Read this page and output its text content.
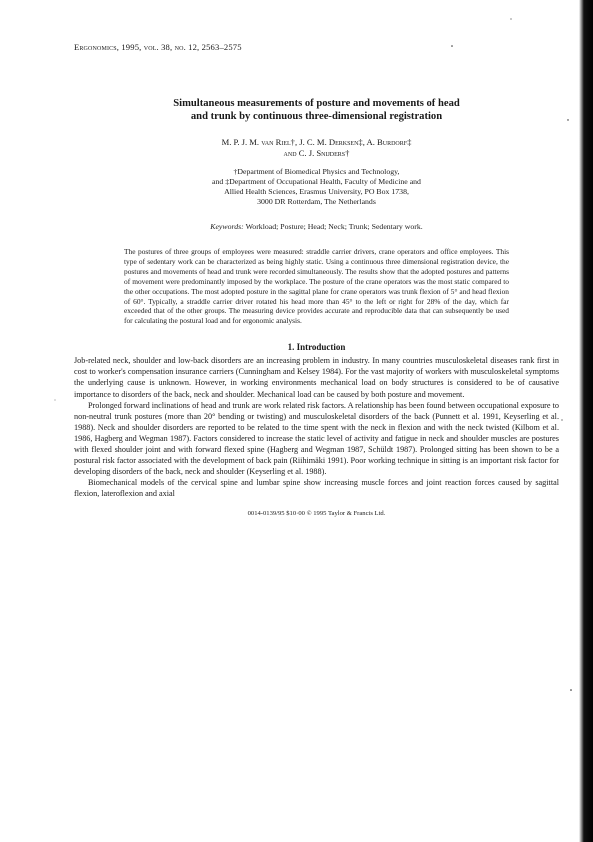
Ergonomics, 1995, vol. 38, no. 12, 2563–2575
Simultaneous measurements of posture and movements of head
and trunk by continuous three-dimensional registration
M. P. J. M. van Riel†, J. C. M. Derksen‡, A. Burdorf‡
and C. J. Snijders†
†Department of Biomedical Physics and Technology,
and ‡Department of Occupational Health, Faculty of Medicine and
Allied Health Sciences, Erasmus University, PO Box 1738,
3000 DR Rotterdam, The Netherlands
Keywords: Workload; Posture; Head; Neck; Trunk; Sedentary work.
The postures of three groups of employees were measured: straddle carrier drivers, crane operators and office employees. This type of sedentary work can be characterized as being highly static. Using a continuous three dimensional registration device, the postures and movements of head and trunk were recorded simultaneously. The results show that the adopted postures and patterns of movement were predominantly imposed by the workplace. The posture of the crane operators was the most static compared to the other occupations. The most adopted posture in the sagittal plane for crane operators was trunk flexion of 5° and head flexion of 60°. Typically, a straddle carrier driver rotated his head more than 45° to the left or right for 28% of the day, which far exceeded that of the other groups. The measuring device provides accurate and reproducible data that can subsequently be used for calculating the postural load and for ergonomic analysis.
1. Introduction

Job-related neck, shoulder and low-back disorders are an increasing problem in industry. In many countries musculoskeletal diseases rank first in cost to worker's compensation insurance carriers (Cunningham and Kelsey 1984). For the vast majority of workers with musculoskeletal symptoms the underlying cause is unknown. However, in working environments mechanical load on body structures is considered to be of causative importance to disorders of the back, neck and shoulder. Mechanical load can be caused by both posture and movement.

Prolonged forward inclinations of head and trunk are work related risk factors. A relationship has been found between occupational exposure to non-neutral trunk postures (more than 20° bending or twisting) and musculoskeletal disorders of the back (Punnett et al. 1991, Keyserling et al. 1988). Neck and shoulder disorders are reported to be related to the time spent with the neck in flexion and with the neck twisted (Kilbom et al. 1986, Hagberg and Wegman 1987). Factors considered to increase the static level of activity and fatigue in neck and shoulder muscles are postures with flexed shoulder joint and with forward flexed spine (Hagberg and Wegman 1987, Schüldt 1987). Prolonged sitting has been shown to be a postural risk factor associated with the development of back pain (Riihimäki 1991). Poor working technique in sitting is an important risk factor for developing disorders of the back, neck and shoulder (Keyserling et al. 1988).

Biomechanical models of the cervical spine and lumbar spine show increasing muscle forces and joint reaction forces caused by sagittal flexion, lateroflexion and axial

0014-0139/95 $10·00 © 1995 Taylor & Francis Ltd.
